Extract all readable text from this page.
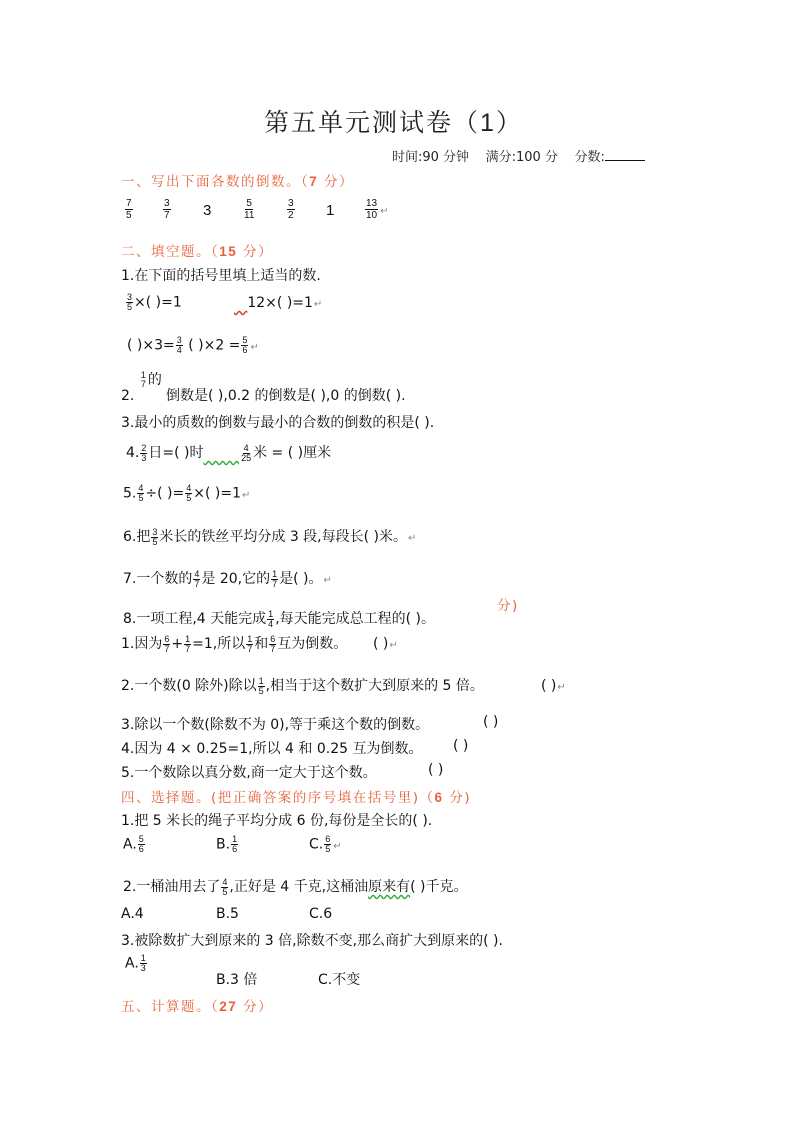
第五单元测试卷（1）
时间:90 分钟 满分:100 分 分数:
一、写出下面各数的倒数。（7 分）
$\frac{7}{5}$	$\frac{3}{7} 3$	$\frac{5}{11}$	$\frac{3}{2} 1$	$\frac{13}{10}$ ↵
二、填空题。（15 分）
1.在下面的括号里填上适当的数.
$\frac{3}{5}$ ×( )=1	12×( )=1↵
( )$\times 3= \frac{3}{4}$ ( )$\times 2 = \frac{5}{6}$ ↵
2.
1
7 的
倒数是( ),0.2 的倒数是( ),0 的倒数( ).
3.最小的质数的倒数与最小的合数的倒数的积是( ).
4. $\frac{2}{3}$ 日=( )时	$\frac{4}{25}$ 米 = ( )厘米
5. $\frac{4}{5}$ ÷( )= $\frac{4}{5}$ ×( )=1↵
6.把 $\frac{3}{5}$ 米长的铁丝平均分成 3 段,每段长( )米。↵
7.一个数的 $\frac{4}{7}$ 是 20,它的 $\frac{1}{7}$ 是( )。↵
分)
8.一项工程,4 天能完成 $\frac{1}{4}$ ,每天能完成总工程的( )。
1.因为 $\frac{6}{7} + \frac{1}{7} =1$,所以 $\frac{1}{7}$ 和 $\frac{6}{7}$ 互为倒数。 ( )↵
2.一个数(0 除外)除以 $\frac{1}{5}$ ,相当于这个数扩大到原来的 5 倍。	( )↵
3.除以一个数(除数不为 0),等于乘这个数的倒数。	( )
4.因为 4 × 0.25=1,所以 4 和 0.25 互为倒数。 ( )
5.一个数除以真分数,商一定大于这个数。	( )
四、选择题。(把正确答案的序号填在括号里)（6 分)
1.把 5 米长的绳子平均分成 6 份,每份是全长的( ).
A. $\frac{5}{6}$	B. $\frac{1}{6}$	C. $\frac{6}{5}$ ↵
2.一桶油用去了 $\frac{4}{5}$ ,正好是 4 千克,这桶油原来有( )千克。
A.4	B.5	C.6
3.被除数扩大到原来的 3 倍,除数不变,那么商扩大到原来的( ).
A. $\frac{1}{3}$
B.3 倍	C.不变
五、计算题。（27 分）
